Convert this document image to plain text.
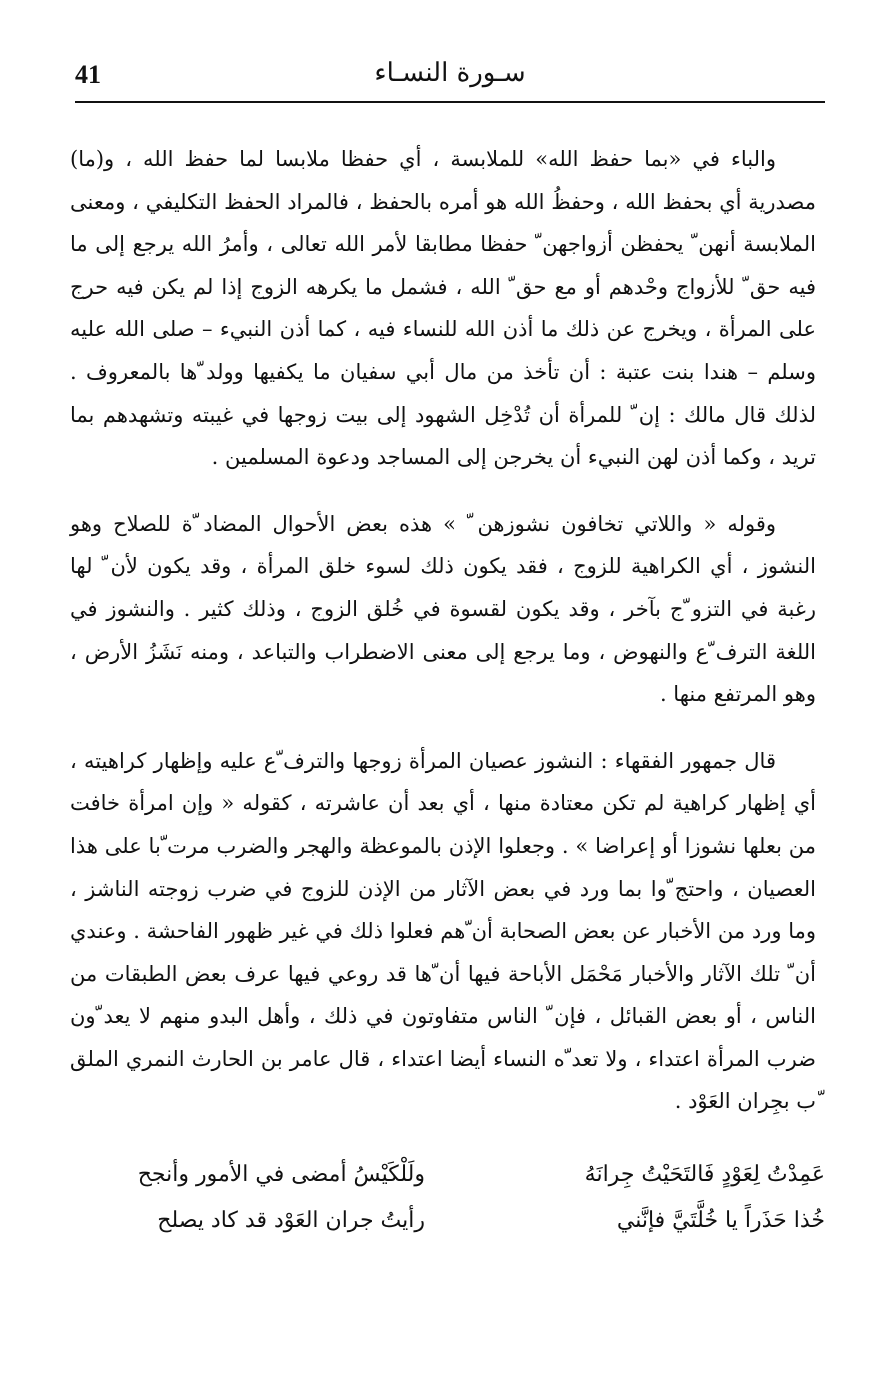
41	سـورة النسـاء

والباء في «بما حفظ الله» للملابسة ، أي حفظا ملابسا لما حفظ الله ، و(ما) مصدرية أي بحفظ الله ، وحفظُ الله هو أمره بالحفظ ، فالمراد الحفظ التكليفي ، ومعنى الملابسة أنهن ّ يحفظن أزواجهن ّ حفظا مطابقا لأمر الله تعالى ، وأمرُ الله يرجع إلى ما فيه حق ّ للأزواج وحْدهم أو مع حق ّ الله ، فشمل ما يكرهه الزوج إذا لم يكن فيه حرج على المرأة ، ويخرج عن ذلك ما أذن الله للنساء فيه ، كما أذن النبيء – صلى الله عليه وسلم – هندا بنت عتبة : أن تأخذ من مال أبي سفيان ما يكفيها وولد ّها بالمعروف . لذلك قال مالك : إن ّ للمرأة أن تُدْخِل الشهود إلى بيت زوجها في غيبته وتشهدهم بما تريد ، وكما أذن لهن النبيء أن يخرجن إلى المساجد ودعوة المسلمين .

وقوله « واللاتي تخافون نشوزهن ّ » هذه بعض الأحوال المضاد ّة للصلاح وهو النشوز ، أي الكراهية للزوج ، فقد يكون ذلك لسوء خلق المرأة ، وقد يكون لأن ّ لها رغبة في التزو ّج بآخر ، وقد يكون لقسوة في خُلق الزوج ، وذلك كثير . والنشوز في اللغة الترف ّع والنهوض ، وما يرجع إلى معنى الاضطراب والتباعد ، ومنه نَشَزُ الأرض ، وهو المرتفع منها .

قال جمهور الفقهاء : النشوز عصيان المرأة زوجها والترف ّع عليه وإظهار كراهيته ، أي إظهار كراهية لم تكن معتادة منها ، أي بعد أن عاشرته ، كقوله « وإن امرأة خافت من بعلها نشوزا أو إعراضا » . وجعلوا الإذن بالموعظة والهجر والضرب مرت ّبا على هذا العصيان ، واحتج ّوا بما ورد في بعض الآثار من الإذن للزوج في ضرب زوجته الناشز ، وما ورد من الأخبار عن بعض الصحابة أن ّهم فعلوا ذلك في غير ظهور الفاحشة . وعندي أن ّ تلك الآثار والأخبار مَحْمَل الأباحة فيها أن ّها قد روعي فيها عرف بعض الطبقات من الناس ، أو بعض القبائل ، فإن ّ الناس متفاوتون في ذلك ، وأهل البدو منهم لا يعد ّون ضرب المرأة اعتداء ، ولا تعد ّه النساء أيضا اعتداء ، قال عامر بن الحارث النمري الملق ّب بجِران العَوْد .

عَمِدْتُ لِعَوْدٍ فَالتَحَيْتُ جِرانَهُ
ولَلْكَيْسُ أمضى في الأمور وأنجح
خُذا حَذَراً يا خُلَّتَيَّ فإنَّني
رأيتُ جران العَوْد قد كاد يصلح
